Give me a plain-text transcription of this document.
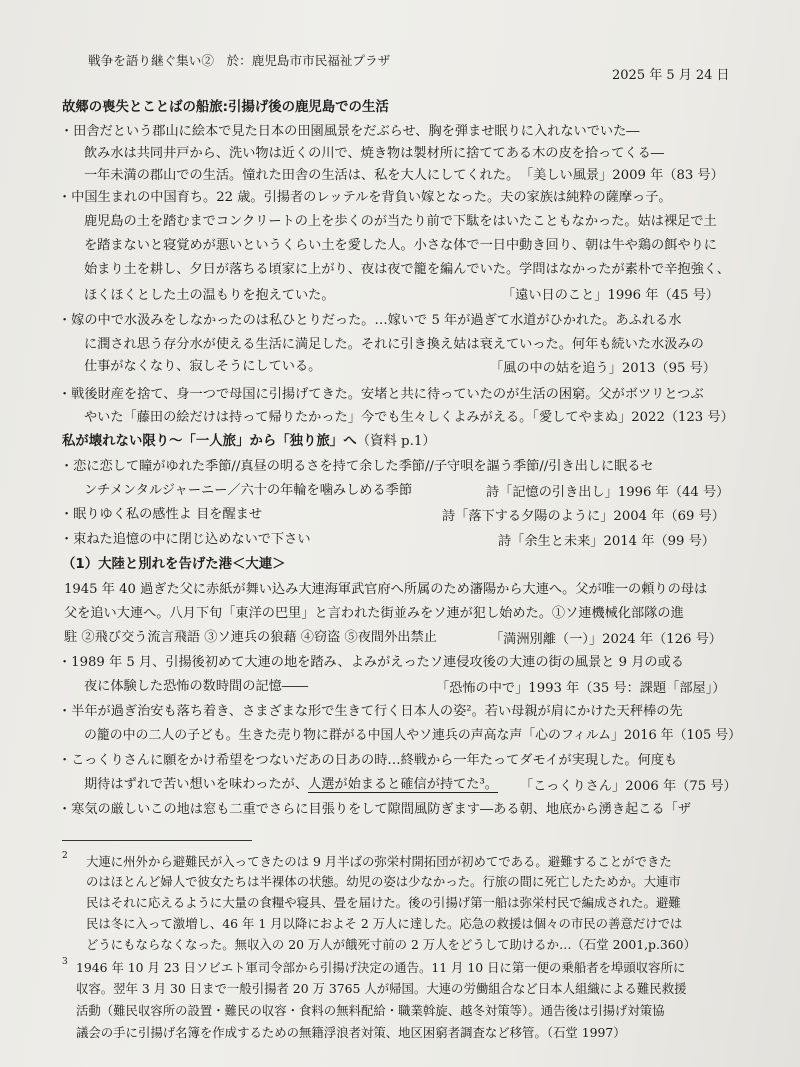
戦争を語り継ぐ集い②　於：鹿児島市市民福祉プラザ
2025 年 5 月 24 日
故郷の喪失とことばの船旅:引揚げ後の鹿児島での生活
・田舎だという郡山に絵本で見た日本の田園風景をだぶらせ、胸を弾ませ眠りに入れないでいた―
飲み水は共同井戸から、洗い物は近くの川で、焼き物は製材所に捨ててある木の皮を拾ってくる―
一年未満の郡山での生活。憧れた田舎の生活は、私を大人にしてくれた。 「美しい風景」2009 年（83 号）
・中国生まれの中国育ち。22 歳。引揚者のレッテルを背負い嫁となった。夫の家族は純粋の薩摩っ子。
鹿児島の土を踏むまでコンクリートの上を歩くのが当たり前で下駄をはいたこともなかった。姑は裸足で土
を踏まないと寝覚めが悪いというくらい土を愛した人。小さな体で一日中動き回り、朝は牛や鶏の餌やりに
始まり土を耕し、夕日が落ちる頃家に上がり、夜は夜で籠を編んでいた。学問はなかったが素朴で辛抱強く、
ほくほくとした土の温もりを抱えていた。	「遠い日のこと」1996 年（45 号）
・嫁の中で水汲みをしなかったのは私ひとりだった。…嫁いで 5 年が過ぎて水道がひかれた。あふれる水
に潤され思う存分水が使える生活に満足した。それに引き換え姑は衰えていった。何年も続いた水汲みの
仕事がなくなり、寂しそうにしている。	「風の中の姑を追う」2013（95 号）
・戦後財産を捨て、身一つで母国に引揚げてきた。安堵と共に待っていたのが生活の困窮。父がボツリとつぶ
やいた「藤田の絵だけは持って帰りたかった」今でも生々しくよみがえる。「愛してやまぬ」2022（123 号）
私が壊れない限り～「一人旅」から「独り旅」へ（資料 p.1）
・恋に恋して瞳がゆれた季節//真昼の明るさを持て余した季節//子守唄を謳う季節//引き出しに眠るセ
ンチメンタルジャーニー／六十の年輪を噛みしめる季節	詩「記憶の引き出し」1996 年（44 号）
・眠りゆく私の感性よ 目を醒ませ	詩「落下する夕陽のように」2004 年（69 号）
・束ねた追憶の中に閉じ込めないで下さい	詩「余生と未来」2014 年（99 号）
（1）大陸と別れを告げた港＜大連＞
1945 年 40 過ぎた父に赤紙が舞い込み大連海軍武官府へ所属のため瀋陽から大連へ。父が唯一の頼りの母は
父を追い大連へ。八月下旬「東洋の巴里」と言われた街並みをソ連が犯し始めた。①ソ連機械化部隊の進
駐 ②飛び交う流言飛語 ③ソ連兵の狼藉 ④窃盗 ⑤夜間外出禁止	「満洲別離（一）」2024 年（126 号）
・1989 年 5 月、引揚後初めて大連の地を踏み、よみがえったソ連侵攻後の大連の街の風景と 9 月の或る
夜に体験した恐怖の数時間の記憶――	「恐怖の中で」1993 年（35 号：課題「部屋」）
・半年が過ぎ治安も落ち着き、さまざまな形で生きて行く日本人の姿²。若い母親が肩にかけた天秤棒の先
の籠の中の二人の子ども。生きた売り物に群がる中国人やソ連兵の声高な声「心のフィルム」2016 年（105 号）
・こっくりさんに願をかけ希望をつないだあの日あの時…終戦から一年たってダモイが実現した。何度も
期待はずれで苦い想いを味わったが、人選が始まると確信が持てた³。 「こっくりさん」2006 年（75 号）
・寒気の厳しいこの地は窓も二重でさらに目張りをして隙間風防ぎます―ある朝、地底から湧き起こる「ザ
2 大連に州外から避難民が入ってきたのは 9 月半ばの弥栄村開拓団が初めてである。避難することができた
のはほとんど婦人で彼女たちは半裸体の状態。幼児の姿は少なかった。行旅の間に死亡したためか。大連市
民はそれに応えるように大量の食糧や寝具、畳を届けた。後の引揚げ第一船は弥栄村民で編成された。避難
民は冬に入って激増し、46 年 1 月以降におよそ 2 万人に達した。応急の救援は個々の市民の善意だけでは
どうにもならなくなった。無収入の 20 万人が餓死寸前の 2 万人をどうして助けるか…（石堂 2001,p.360）
3 1946 年 10 月 23 日ソビエト軍司令部から引揚げ決定の通告。11 月 10 日に第一便の乗船者を埠頭収容所に
収容。翌年 3 月 30 日まで一般引揚者 20 万 3765 人が帰国。大連の労働組合など日本人組織による難民救援
活動（難民収容所の設置・難民の収容・食料の無料配給・職業斡旋、越冬対策等）。通告後は引揚げ対策協
議会の手に引揚げ名簿を作成するための無籍浮浪者対策、地区困窮者調査など移管。（石堂 1997）
